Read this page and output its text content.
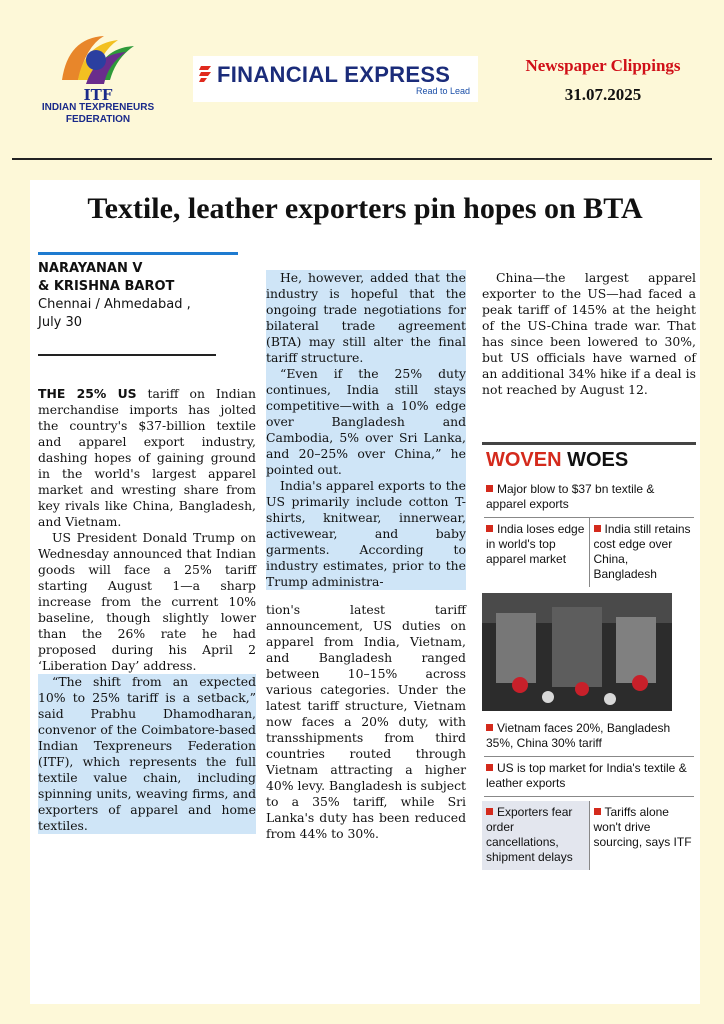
ITF
INDIAN TEXPRENEURS FEDERATION
FINANCIAL EXPRESS
Read to Lead
Newspaper Clippings
31.07.2025
Textile, leather exporters pin hopes on BTA
NARAYANAN V
& KRISHNA BAROT
Chennai / Ahmedabad ,
July 30

THE 25% US tariff on Indian merchandise imports has jolted the country's $37-billion textile and apparel export industry, dashing hopes of gaining ground in the world's largest apparel market and wresting share from key rivals like China, Bangladesh, and Vietnam.

US President Donald Trump on Wednesday announced that Indian goods will face a 25% tariff starting August 1—a sharp increase from the current 10% baseline, though slightly lower than the 26% rate he had proposed during his April 2 ‘Liberation Day’ address.

“The shift from an expected 10% to 25% tariff is a setback,” said Prabhu Dhamodharan, convenor of the Coimbatore-based Indian Texpreneurs Federation (ITF), which represents the full textile value chain, including spinning units, weaving firms, and exporters of apparel and home textiles.

He, however, added that the industry is hopeful that the ongoing trade negotiations for bilateral trade agreement (BTA) may still alter the final tariff structure.

“Even if the 25% duty continues, India still stays competitive—with a 10% edge over Bangladesh and Cambodia, 5% over Sri Lanka, and 20–25% over China,” he pointed out.

India's apparel exports to the US primarily include cotton T-shirts, knitwear, innerwear, activewear, and baby garments. According to industry estimates, prior to the Trump administra-

tion's latest tariff announcement, US duties on apparel from India, Vietnam, and Bangladesh ranged between 10–15% across various categories. Under the latest tariff structure, Vietnam now faces a 20% duty, with transshipments from third countries routed through Vietnam attracting a higher 40% levy. Bangladesh is subject to a 35% tariff, while Sri Lanka's duty has been reduced from 44% to 30%.

China—the largest apparel exporter to the US—had faced a peak tariff of 145% at the height of the US-China trade war. That has since been lowered to 30%, but US officials have warned of an additional 34% hike if a deal is not reached by August 12.

WOVEN WOES
Major blow to $37 bn textile & apparel exports
India loses edge in world's top apparel market
India still retains cost edge over China, Bangladesh
Vietnam faces 20%, Bangladesh 35%, China 30% tariff
US is top market for India's textile & leather exports
Exporters fear order cancellations, shipment delays
Tariffs alone won't drive sourcing, says ITF
